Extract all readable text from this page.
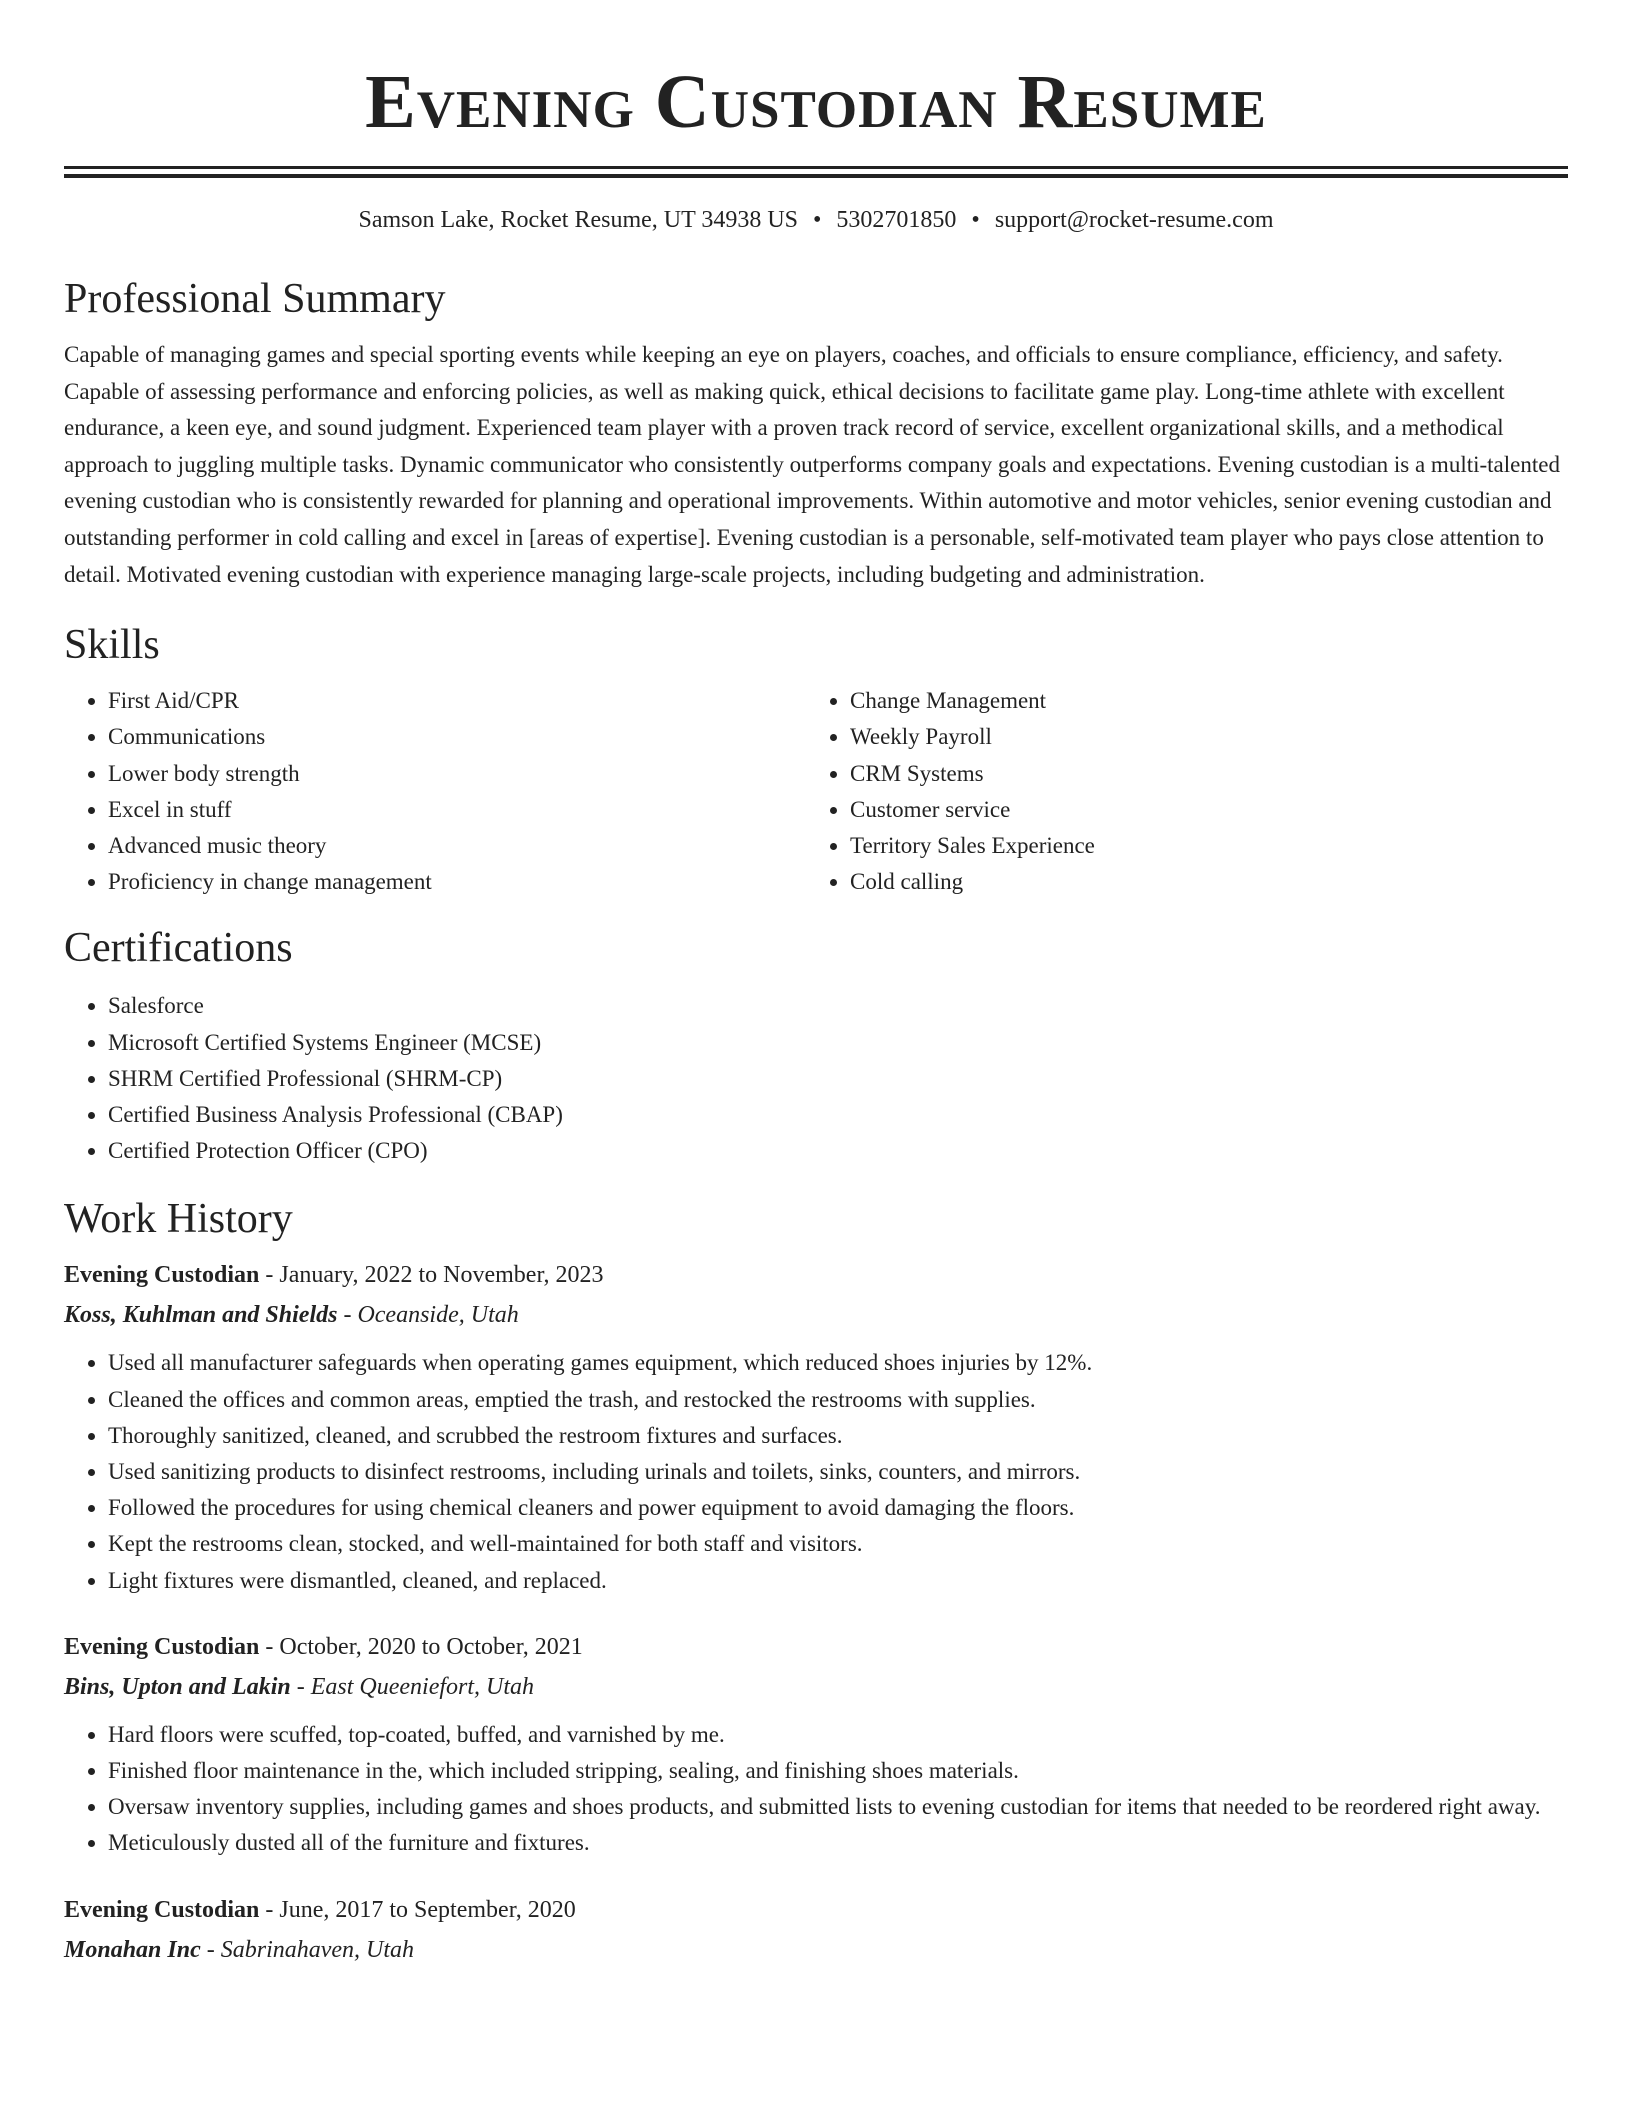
Evening Custodian Resume
Samson Lake, Rocket Resume, UT 34938 US • 5302701850 • support@rocket-resume.com
Professional Summary

Capable of managing games and special sporting events while keeping an eye on players, coaches, and officials to ensure compliance, efficiency, and safety. Capable of assessing performance and enforcing policies, as well as making quick, ethical decisions to facilitate game play. Long-time athlete with excellent endurance, a keen eye, and sound judgment. Experienced team player with a proven track record of service, excellent organizational skills, and a methodical approach to juggling multiple tasks. Dynamic communicator who consistently outperforms company goals and expectations. Evening custodian is a multi-talented evening custodian who is consistently rewarded for planning and operational improvements. Within automotive and motor vehicles, senior evening custodian and outstanding performer in cold calling and excel in [areas of expertise]. Evening custodian is a personable, self-motivated team player who pays close attention to detail. Motivated evening custodian with experience managing large-scale projects, including budgeting and administration.

Skills
• First Aid/CPR
• Communications
• Lower body strength
• Excel in stuff
• Advanced music theory
• Proficiency in change management
• Change Management
• Weekly Payroll
• CRM Systems
• Customer service
• Territory Sales Experience
• Cold calling
Certifications
• Salesforce
• Microsoft Certified Systems Engineer (MCSE)
• SHRM Certified Professional (SHRM-CP)
• Certified Business Analysis Professional (CBAP)
• Certified Protection Officer (CPO)
Work History
Evening Custodian - January, 2022 to November, 2023
Koss, Kuhlman and Shields - Oceanside, Utah
• Used all manufacturer safeguards when operating games equipment, which reduced shoes injuries by 12%.
• Cleaned the offices and common areas, emptied the trash, and restocked the restrooms with supplies.
• Thoroughly sanitized, cleaned, and scrubbed the restroom fixtures and surfaces.
• Used sanitizing products to disinfect restrooms, including urinals and toilets, sinks, counters, and mirrors.
• Followed the procedures for using chemical cleaners and power equipment to avoid damaging the floors.
• Kept the restrooms clean, stocked, and well-maintained for both staff and visitors.
• Light fixtures were dismantled, cleaned, and replaced.
Evening Custodian - October, 2020 to October, 2021
Bins, Upton and Lakin - East Queeniefort, Utah
• Hard floors were scuffed, top-coated, buffed, and varnished by me.
• Finished floor maintenance in the, which included stripping, sealing, and finishing shoes materials.
• Oversaw inventory supplies, including games and shoes products, and submitted lists to evening custodian for items that needed to be reordered right away.
• Meticulously dusted all of the furniture and fixtures.
Evening Custodian - June, 2017 to September, 2020
Monahan Inc - Sabrinahaven, Utah
